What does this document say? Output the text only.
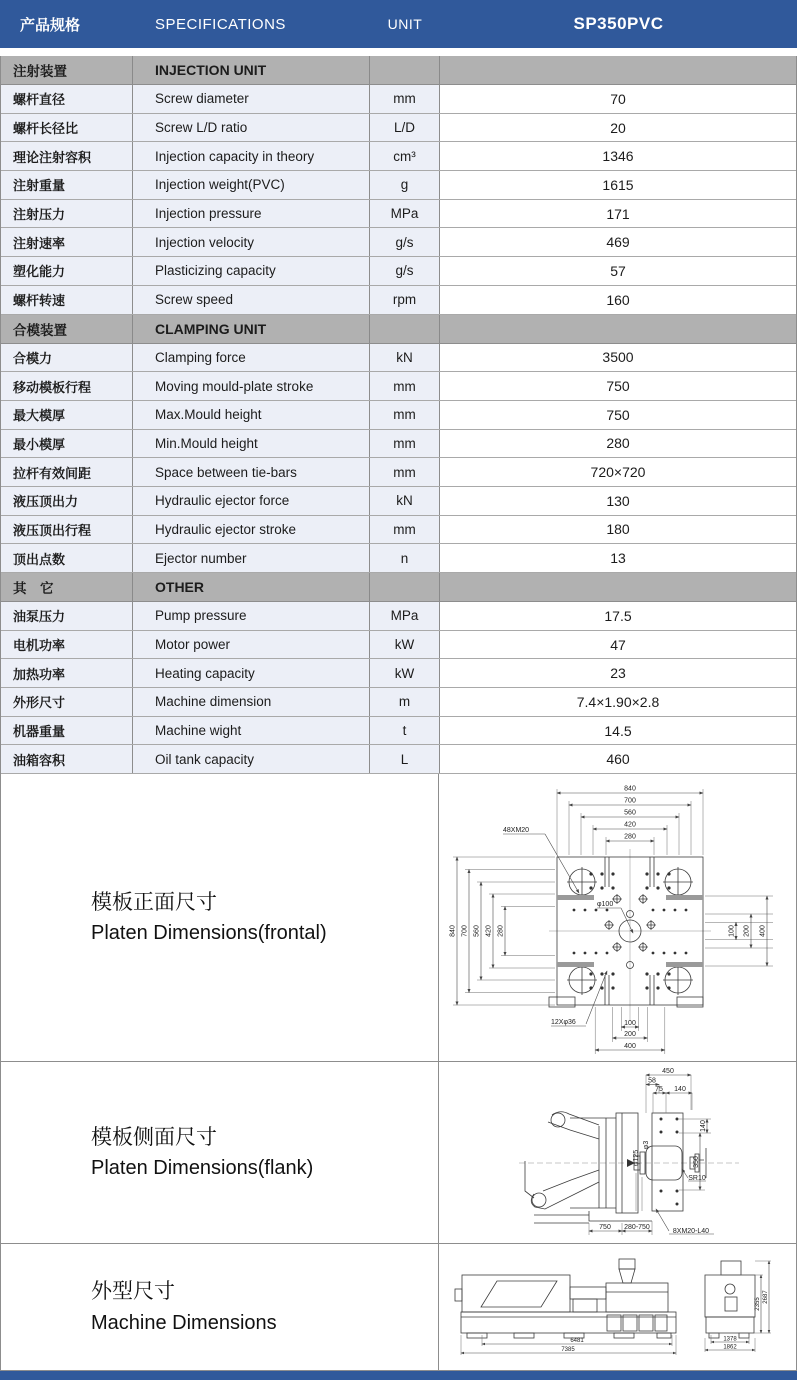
产品规格	SPECIFICATIONS	UNIT	SP350PVC
注射装置	INJECTION UNIT
螺杆直径	Screw diameter	mm	70
螺杆长径比	Screw L/D ratio	L/D	20
理论注射容积	Injection capacity in theory	cm³	1346
注射重量	Injection weight(PVC)	g	1615
注射压力	Injection pressure	MPa	171
注射速率	Injection velocity	g/s	469
塑化能力	Plasticizing capacity	g/s	57
螺杆转速	Screw speed	rpm	160
合模装置	CLAMPING UNIT
合模力	Clamping force	kN	3500
移动模板行程	Moving mould-plate stroke	mm	750
最大模厚	Max.Mould height	mm	750
最小模厚	Min.Mould height	mm	280
拉杆有效间距	Space between tie-bars	mm	720×720
液压顶出力	Hydraulic ejector force	kN	130
液压顶出行程	Hydraulic ejector stroke	mm	180
顶出点数	Ejector number	n	13
其　它	OTHER
油泵压力	Pump pressure	MPa	17.5
电机功率	Motor power	kW	47
加热功率	Heating capacity	kW	23
外形尺寸	Machine dimension	m	7.4×1.90×2.8
机器重量	Machine wight	t	14.5
油箱容积	Oil tank capacity	L	460
模板正面尺寸
Platen Dimensions(frontal)
840
700
560
420
280
840 700 560 420 280	100 200 400
100
200
400
48XM20
φ100
12Xφ36
模板侧面尺寸
Platen Dimensions(flank)
450
58
75 140
140
350
φ125
φ3
750 280-750
8XM20-L40
SR10
外型尺寸
Machine Dimensions
6481
7385
1378
1862
2355
2687
